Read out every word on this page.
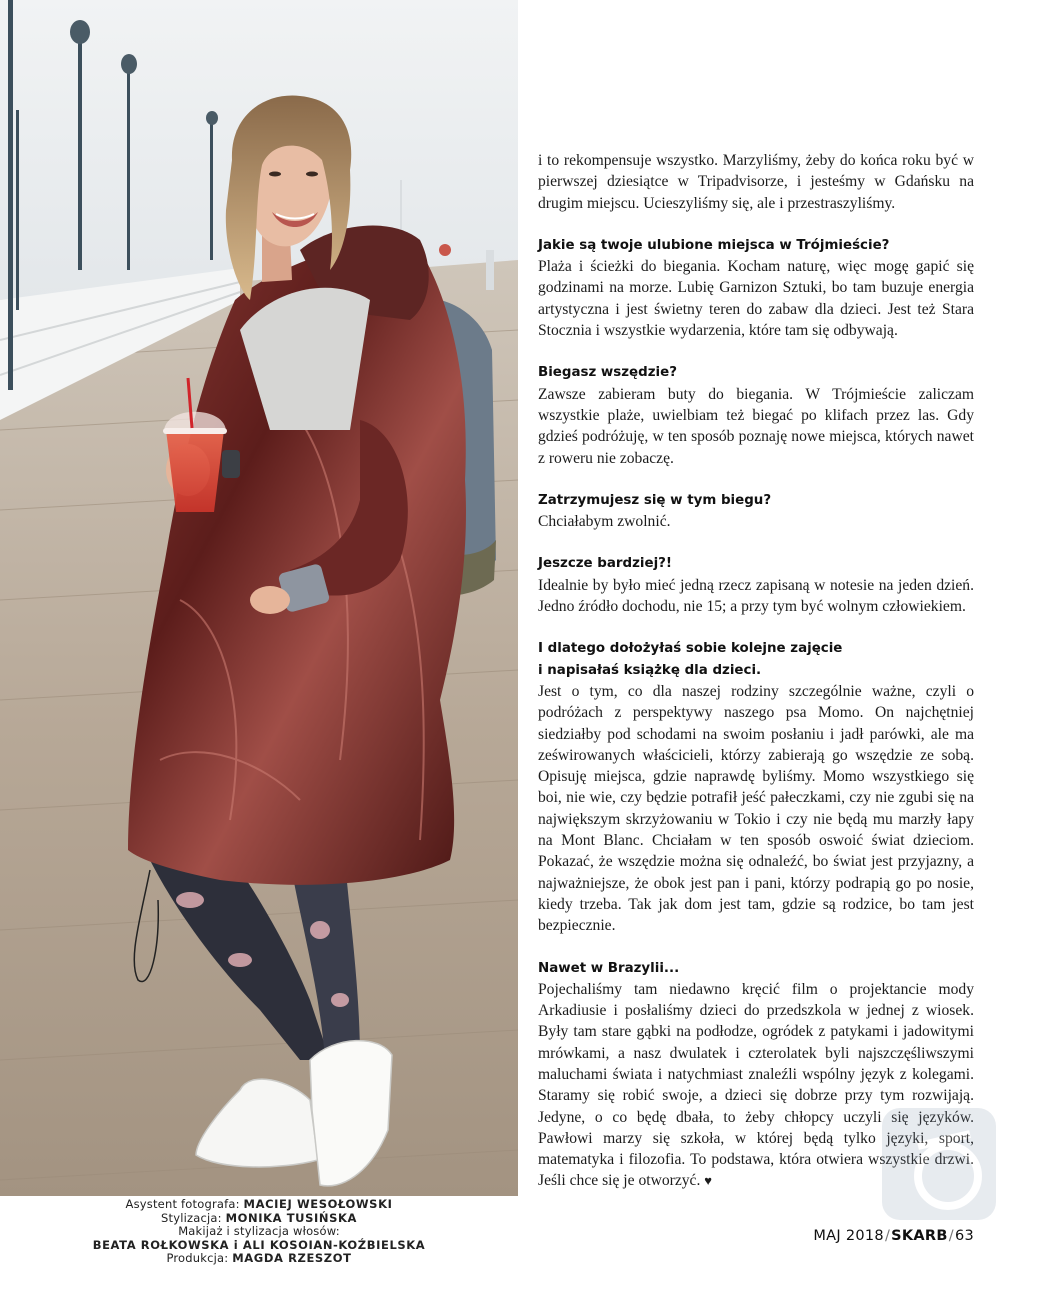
Asystent fotografa: MACIEJ WESOŁOWSKI
Stylizacja: MONIKA TUSIŃSKA
Makijaż i stylizacja włosów:
BEATA ROŁKOWSKA i ALI KOSOIAN-KOŹBIELSKA
Produkcja: MAGDA RZESZOT

i to rekompensuje wszystko. Marzyliśmy, żeby do końca roku być w pierwszej dziesiątce w Tripadvisorze, i jesteśmy w Gdańsku na drugim miejscu. Ucieszyliśmy się, ale i przestraszyliśmy.

Jakie są twoje ulubione miejsca w Trójmieście?

Plaża i ścieżki do biegania. Kocham naturę, więc mogę gapić się godzinami na morze. Lubię Garnizon Sztuki, bo tam buzuje energia artystyczna i jest świetny teren do zabaw dla dzieci. Jest też Stara Stocznia i wszystkie wydarzenia, które tam się odbywają.

Biegasz wszędzie?

Zawsze zabieram buty do biegania. W Trójmieście zaliczam wszystkie plaże, uwielbiam też biegać po klifach przez las. Gdy gdzieś podróżuję, w ten sposób poznaję nowe miejsca, których nawet z roweru nie zobaczę.

Zatrzymujesz się w tym biegu?

Chciałabym zwolnić.

Jeszcze bardziej?!

Idealnie by było mieć jedną rzecz zapisaną w notesie na jeden dzień. Jedno źródło dochodu, nie 15; a przy tym być wolnym człowiekiem.

I dlatego dołożyłaś sobie kolejne zajęcie
i napisałaś książkę dla dzieci.

Jest o tym, co dla naszej rodziny szczególnie ważne, czyli o podróżach z perspektywy naszego psa Momo. On najchętniej siedziałby pod schodami na swoim posłaniu i jadł parówki, ale ma ześwirowanych właścicieli, którzy zabierają go wszędzie ze sobą. Opisuję miejsca, gdzie naprawdę byliśmy. Momo wszystkiego się boi, nie wie, czy będzie potrafił jeść pałeczkami, czy nie zgubi się na największym skrzyżowaniu w Tokio i czy nie będą mu marzły łapy na Mont Blanc. Chciałam w ten sposób oswoić świat dzieciom. Pokazać, że wszędzie można się odnaleźć, bo świat jest przyjazny, a najważniejsze, że obok jest pan i pani, którzy podrapią go po nosie, kiedy trzeba. Tak jak dom jest tam, gdzie są rodzice, bo tam jest bezpiecznie.

Nawet w Brazylii...

Pojechaliśmy tam niedawno kręcić film o projektancie mody Arkadiusie i posłaliśmy dzieci do przedszkola w jednej z wiosek. Były tam stare gąbki na podłodze, ogródek z patykami i jadowitymi mrówkami, a nasz dwulatek i czterolatek byli najszczęśliwszymi maluchami świata i natychmiast znaleźli wspólny język z kolegami. Staramy się robić swoje, a dzieci się dobrze przy tym rozwijają. Jedyne, o co będę dbała, to żeby chłopcy uczyli się języków. Pawłowi marzy się szkoła, w której będą tylko języki, sport, matematyka i filozofia. To podstawa, która otwiera wszystkie drzwi. Jeśli chce się je otworzyć. ♥

MAJ 2018/SKARB/63
